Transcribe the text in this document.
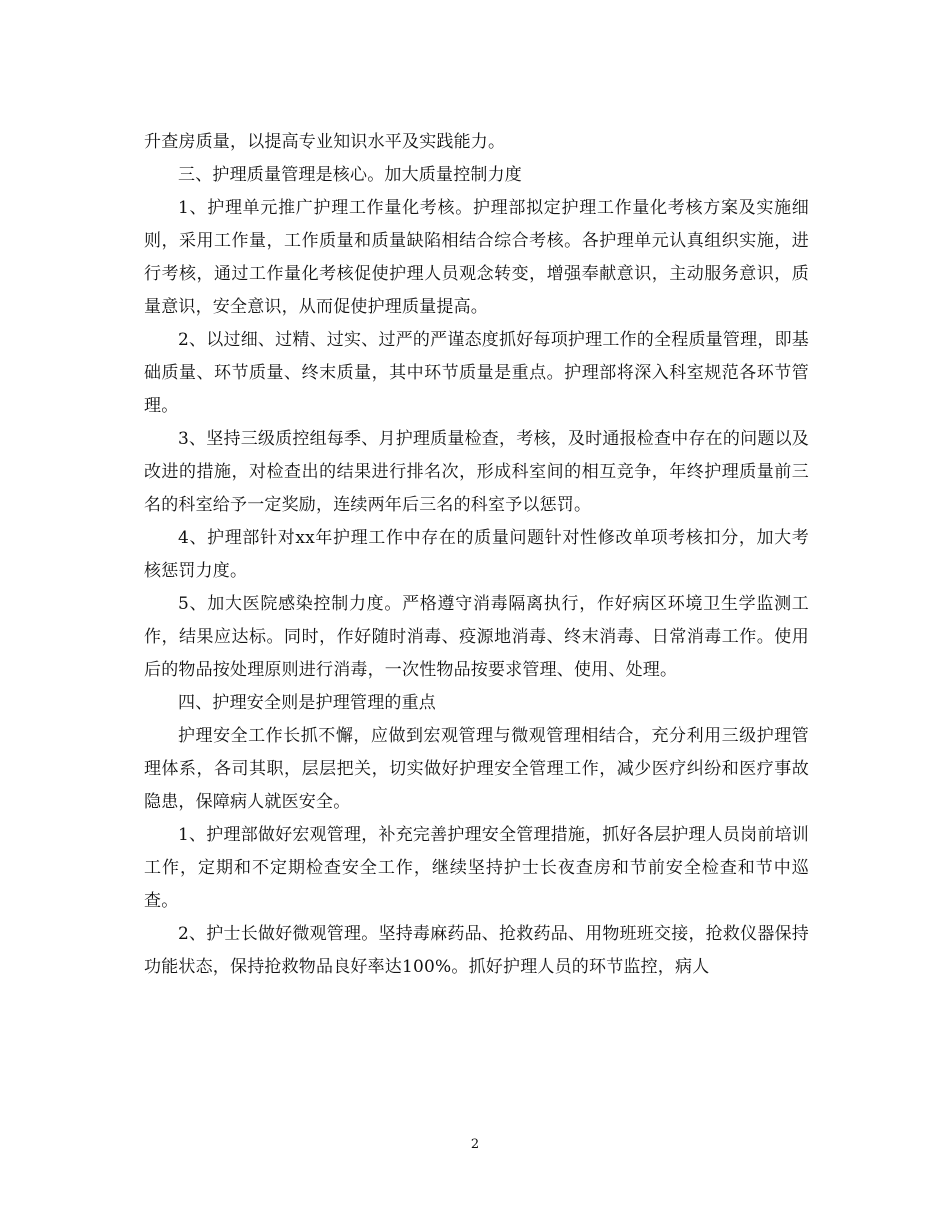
升查房质量，以提高专业知识水平及实践能力。

三、护理质量管理是核心。加大质量控制力度

1、护理单元推广护理工作量化考核。护理部拟定护理工作量化考核方案及实施细则，采用工作量，工作质量和质量缺陷相结合综合考核。各护理单元认真组织实施，进行考核，通过工作量化考核促使护理人员观念转变，增强奉献意识，主动服务意识，质量意识，安全意识，从而促使护理质量提高。

2、以过细、过精、过实、过严的严谨态度抓好每项护理工作的全程质量管理，即基础质量、环节质量、终末质量，其中环节质量是重点。护理部将深入科室规范各环节管理。

3、坚持三级质控组每季、月护理质量检查，考核，及时通报检查中存在的问题以及改进的措施，对检查出的结果进行排名次，形成科室间的相互竞争，年终护理质量前三名的科室给予一定奖励，连续两年后三名的科室予以惩罚。

4、护理部针对xx年护理工作中存在的质量问题针对性修改单项考核扣分，加大考核惩罚力度。

5、加大医院感染控制力度。严格遵守消毒隔离执行，作好病区环境卫生学监测工作，结果应达标。同时，作好随时消毒、疫源地消毒、终末消毒、日常消毒工作。使用后的物品按处理原则进行消毒，一次性物品按要求管理、使用、处理。

四、护理安全则是护理管理的重点

护理安全工作长抓不懈，应做到宏观管理与微观管理相结合，充分利用三级护理管理体系，各司其职，层层把关，切实做好护理安全管理工作，减少医疗纠纷和医疗事故隐患，保障病人就医安全。

1、护理部做好宏观管理，补充完善护理安全管理措施，抓好各层护理人员岗前培训工作，定期和不定期检查安全工作，继续坚持护士长夜查房和节前安全检查和节中巡查。

2、护士长做好微观管理。坚持毒麻药品、抢救药品、用物班班交接，抢救仪器保持功能状态，保持抢救物品良好率达100%。抓好护理人员的环节监控，病人

2
